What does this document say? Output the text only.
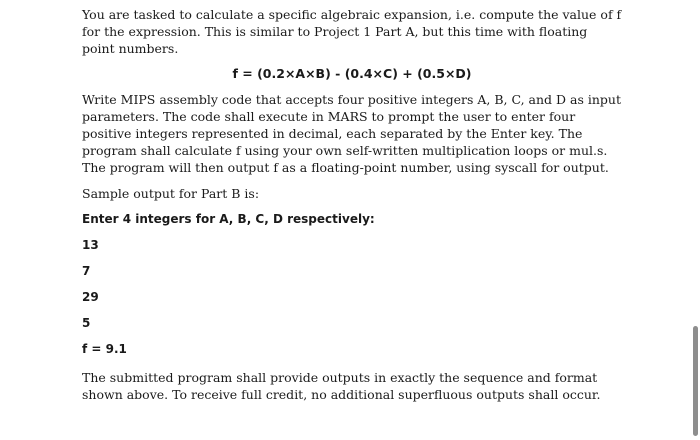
You are tasked to calculate a specific algebraic expansion, i.e. compute the value of f for the expression. This is similar to Project 1 Part A, but this time with floating point numbers.

f = (0.2×A×B) - (0.4×C) + (0.5×D)

Write MIPS assembly code that accepts four positive integers A, B, C, and D as input parameters. The code shall execute in MARS to prompt the user to enter four positive integers represented in decimal, each separated by the Enter key. The program shall calculate f using your own self-written multiplication loops or mul.s. The program will then output f as a floating-point number, using syscall for output.

Sample output for Part B is:

Enter 4 integers for A, B, C, D respectively:

13

7

29

5

f = 9.1

The submitted program shall provide outputs in exactly the sequence and format shown above. To receive full credit, no additional superfluous outputs shall occur.
